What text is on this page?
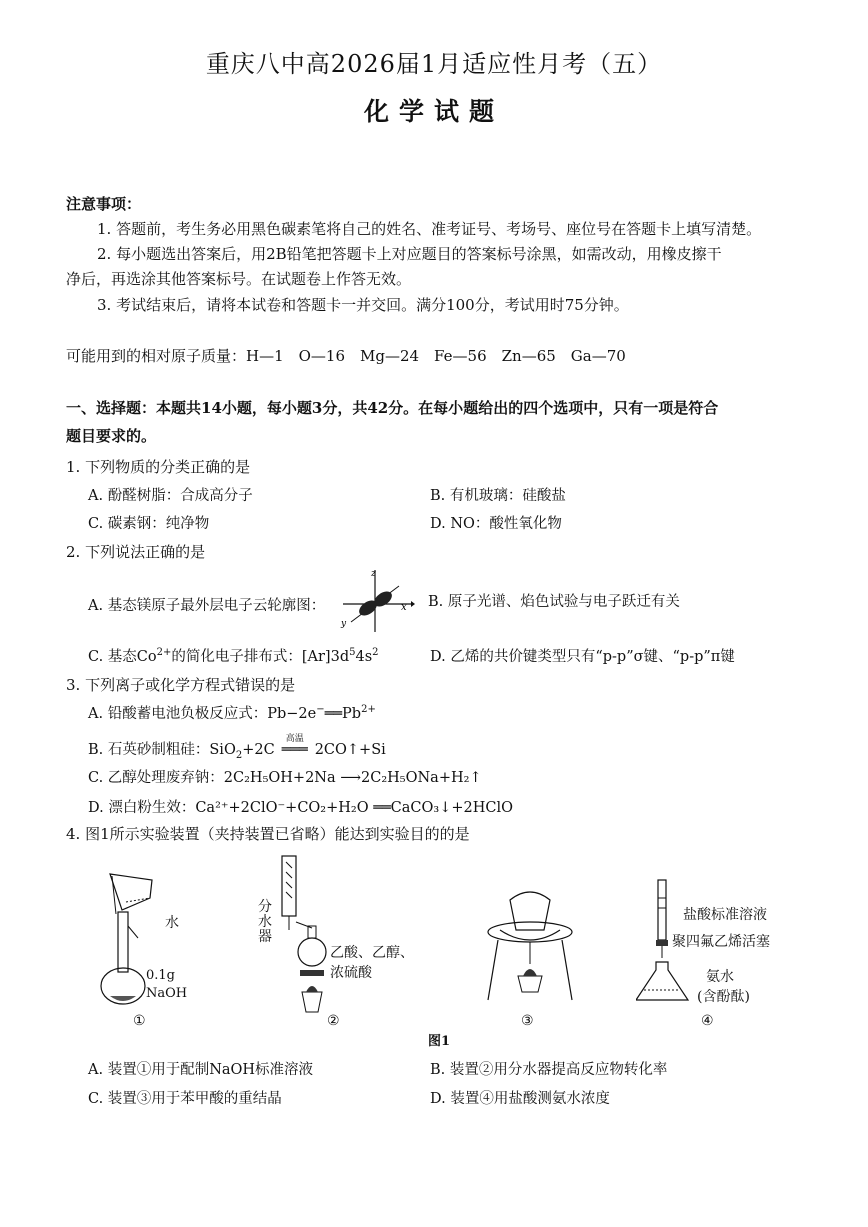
重庆八中高2026届1月适应性月考（五）
化学试题
注意事项：
1. 答题前，考生务必用黑色碳素笔将自己的姓名、准考证号、考场号、座位号在答题卡上填写清楚。
2. 每小题选出答案后，用2B铅笔把答题卡上对应题目的答案标号涂黑，如需改动，用橡皮擦干
净后，再选涂其他答案标号。在试题卷上作答无效。
3. 考试结束后，请将本试卷和答题卡一并交回。满分100分，考试用时75分钟。
可能用到的相对原子质量：H—1　O—16　Mg—24　Fe—56　Zn—65　Ga—70
一、选择题：本题共14小题，每小题3分，共42分。在每小题给出的四个选项中，只有一项是符合
题目要求的。
1. 下列物质的分类正确的是
A. 酚醛树脂：合成高分子	B. 有机玻璃：硅酸盐
C. 碳素钢：纯净物	D. NO：酸性氧化物
2. 下列说法正确的是
A. 基态镁原子最外层电子云轮廓图：
z
x
y
B. 原子光谱、焰色试验与电子跃迁有关
C. 基态$Co^{2+}$的简化电子排布式：$[Ar]3d^54s^2$	D. 乙烯的共价键类型只有“p-p”σ键、“p-p”π键
3. 下列离子或化学方程式错误的是
A. 铅酸蓄电池负极反应式：$Pb-2e^-══Pb^{2+}$
B. 石英砂制粗硅：SiO$_2$+2C
高温
═══ 2CO↑+Si
C. 乙醇处理废弃钠：2C₂H₅OH+2Na ⟶2C₂H₅ONa+H₂↑
D. 漂白粉生效：Ca²⁺+2ClO⁻+CO₂+H₂O ══CaCO₃↓+2HClO
4. 图1所示实验装置（夹持装置已省略）能达到实验目的的是
水
0.1g
NaOH
①
分水器
乙酸、乙醇、
浓硫酸
②	③
盐酸标准溶液
聚四氟乙烯活塞
氨水
(含酚酞)
④
图1
A. 装置①用于配制NaOH标准溶液	B. 装置②用分水器提高反应物转化率
C. 装置③用于苯甲酸的重结晶	D. 装置④用盐酸测氨水浓度
